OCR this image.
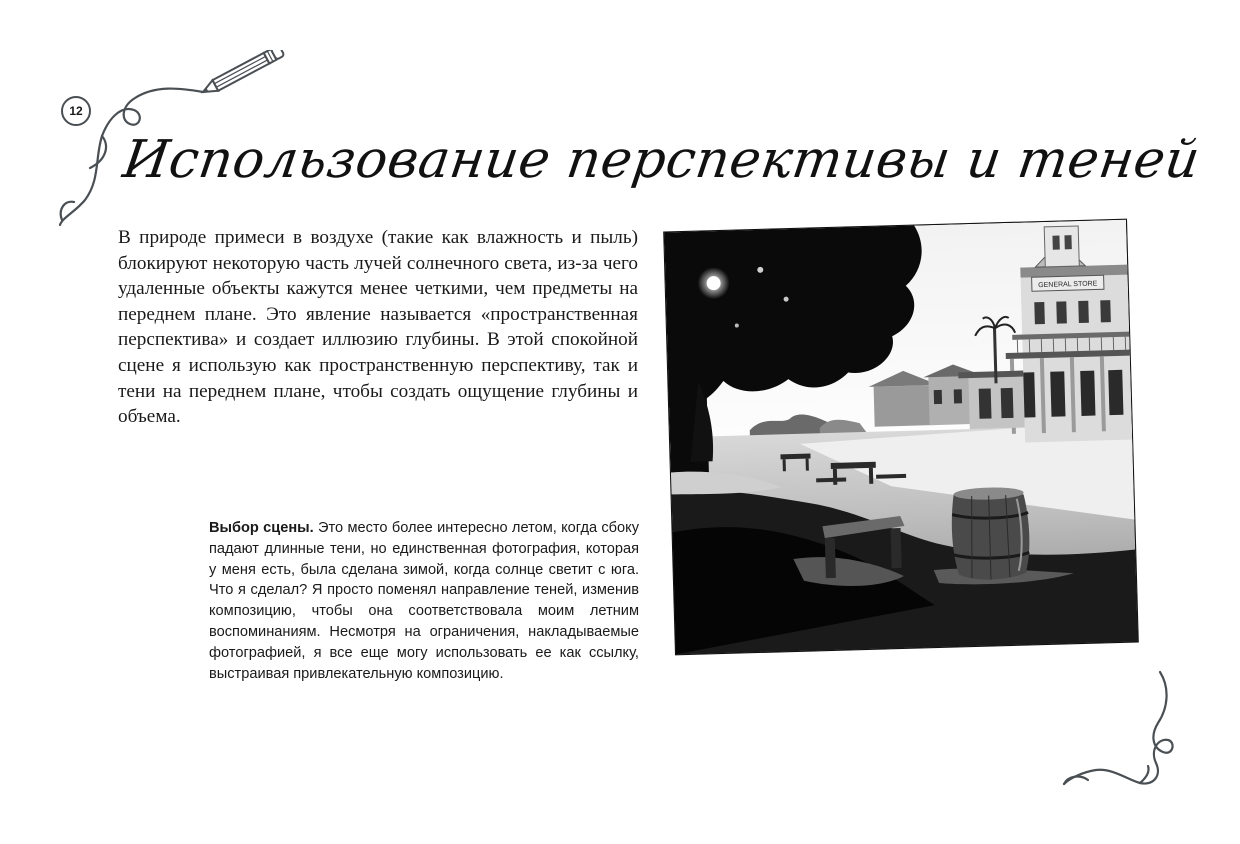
12
Использование перспективы и теней

В природе примеси в воздухе (такие как влажность и пыль) блокируют некоторую часть лучей солнечного света, из-за чего удаленные объекты кажутся менее четкими, чем предметы на переднем плане. Это явление называется «пространственная перспектива» и создает иллюзию глубины. В этой спокойной сцене я использую как пространственную перспективу, так и тени на переднем плане, чтобы создать ощущение глубины и объема.

GENERAL STORE

Выбор сцены. Это место более интересно летом, когда сбоку падают длинные тени, но единственная фотография, которая у меня есть, была сделана зимой, когда солнце светит с юга. Что я сделал? Я просто поменял направление теней, изменив композицию, чтобы она соответствовала моим летним воспоминаниям. Несмотря на ограничения, накладываемые фотографией, я все еще могу использовать ее как ссылку, выстраивая привлекательную композицию.
